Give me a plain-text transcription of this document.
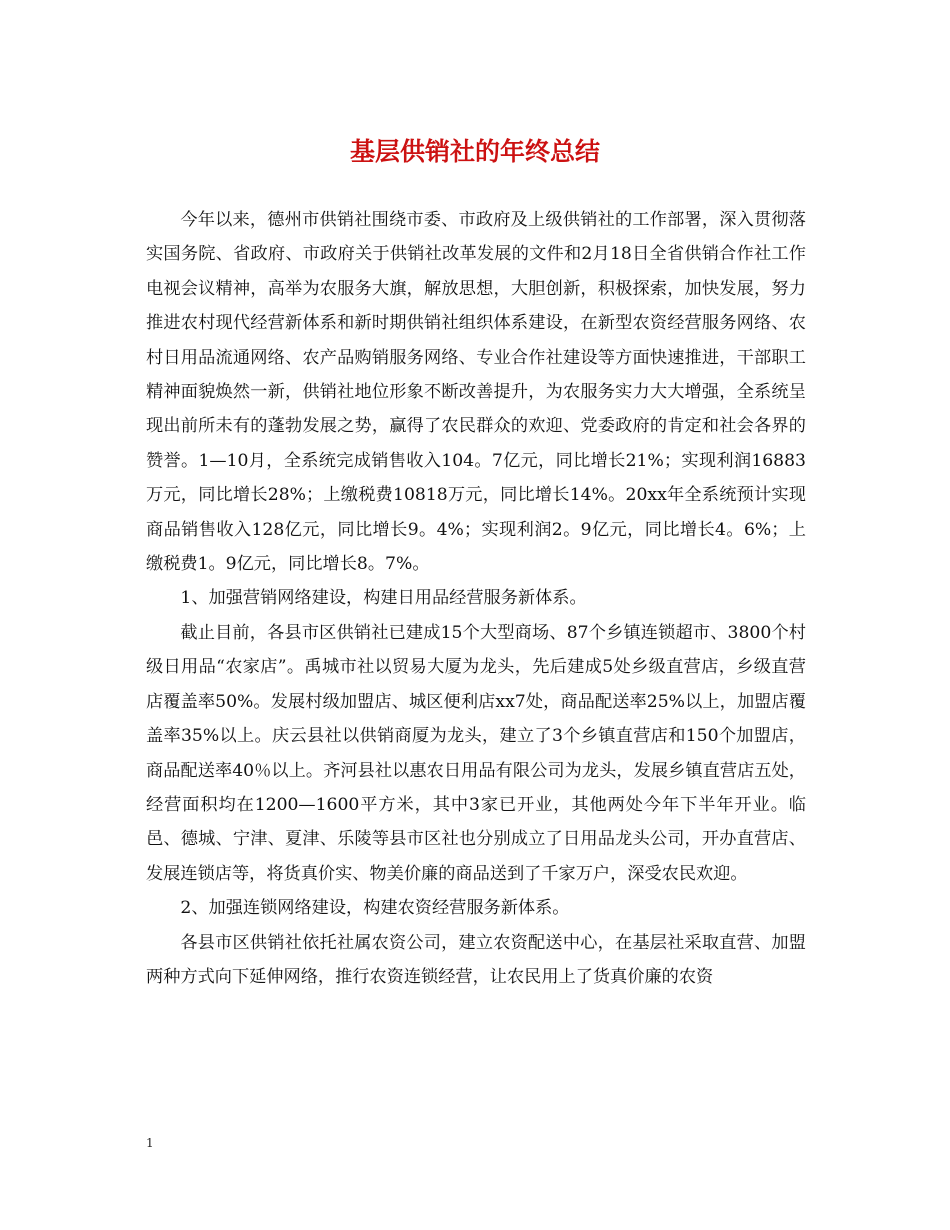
基层供销社的年终总结

今年以来，德州市供销社围绕市委、市政府及上级供销社的工作部署，深入贯彻落实国务院、省政府、市政府关于供销社改革发展的文件和2月18日全省供销合作社工作电视会议精神，高举为农服务大旗，解放思想，大胆创新，积极探索，加快发展，努力推进农村现代经营新体系和新时期供销社组织体系建设，在新型农资经营服务网络、农村日用品流通网络、农产品购销服务网络、专业合作社建设等方面快速推进，干部职工精神面貌焕然一新，供销社地位形象不断改善提升，为农服务实力大大增强，全系统呈现出前所未有的蓬勃发展之势，赢得了农民群众的欢迎、党委政府的肯定和社会各界的赞誉。1—10月，全系统完成销售收入104。7亿元，同比增长21%；实现利润16883万元，同比增长28%；上缴税费10818万元，同比增长14%。20xx年全系统预计实现商品销售收入128亿元，同比增长9。4%；实现利润2。9亿元，同比增长4。6%；上缴税费1。9亿元，同比增长8。7%。

1、加强营销网络建设，构建日用品经营服务新体系。

截止目前，各县市区供销社已建成15个大型商场、87个乡镇连锁超市、3800个村级日用品“农家店”。禹城市社以贸易大厦为龙头，先后建成5处乡级直营店，乡级直营店覆盖率50%。发展村级加盟店、城区便利店xx7处，商品配送率25%以上，加盟店覆盖率35%以上。庆云县社以供销商厦为龙头，建立了3个乡镇直营店和150个加盟店，商品配送率40％以上。齐河县社以惠农日用品有限公司为龙头，发展乡镇直营店五处，经营面积均在1200—1600平方米，其中3家已开业，其他两处今年下半年开业。临邑、德城、宁津、夏津、乐陵等县市区社也分别成立了日用品龙头公司，开办直营店、发展连锁店等，将货真价实、物美价廉的商品送到了千家万户，深受农民欢迎。

2、加强连锁网络建设，构建农资经营服务新体系。

各县市区供销社依托社属农资公司，建立农资配送中心，在基层社采取直营、加盟两种方式向下延伸网络，推行农资连锁经营，让农民用上了货真价廉的农资

1
